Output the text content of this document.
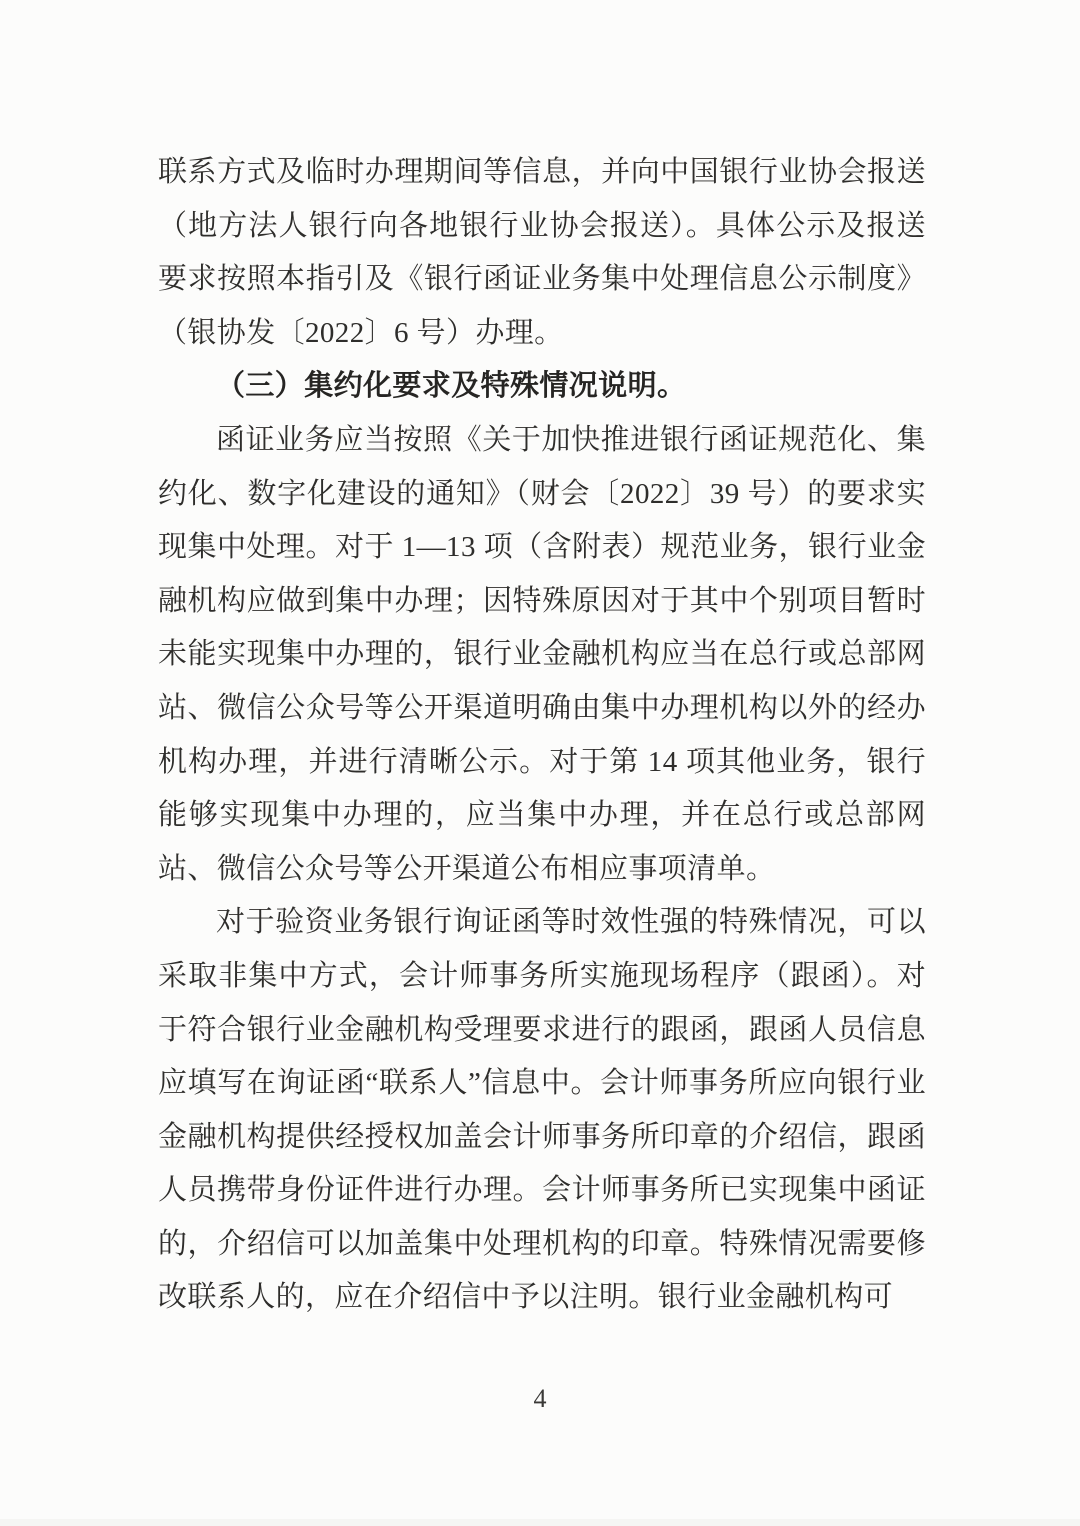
联系方式及临时办理期间等信息，并向中国银行业协会报送（地方法人银行向各地银行业协会报送）。具体公示及报送要求按照本指引及《银行函证业务集中处理信息公示制度》（银协发〔2022〕6 号）办理。

（三）集约化要求及特殊情况说明。

函证业务应当按照《关于加快推进银行函证规范化、集约化、数字化建设的通知》（财会〔2022〕39 号）的要求实现集中处理。对于 1—13 项（含附表）规范业务，银行业金融机构应做到集中办理；因特殊原因对于其中个别项目暂时未能实现集中办理的，银行业金融机构应当在总行或总部网站、微信公众号等公开渠道明确由集中办理机构以外的经办机构办理，并进行清晰公示。对于第 14 项其他业务，银行能够实现集中办理的，应当集中办理，并在总行或总部网站、微信公众号等公开渠道公布相应事项清单。

对于验资业务银行询证函等时效性强的特殊情况，可以采取非集中方式，会计师事务所实施现场程序（跟函）。对于符合银行业金融机构受理要求进行的跟函，跟函人员信息应填写在询证函“联系人”信息中。会计师事务所应向银行业金融机构提供经授权加盖会计师事务所印章的介绍信，跟函人员携带身份证件进行办理。会计师事务所已实现集中函证的，介绍信可以加盖集中处理机构的印章。特殊情况需要修改联系人的，应在介绍信中予以注明。银行业金融机构可

4
